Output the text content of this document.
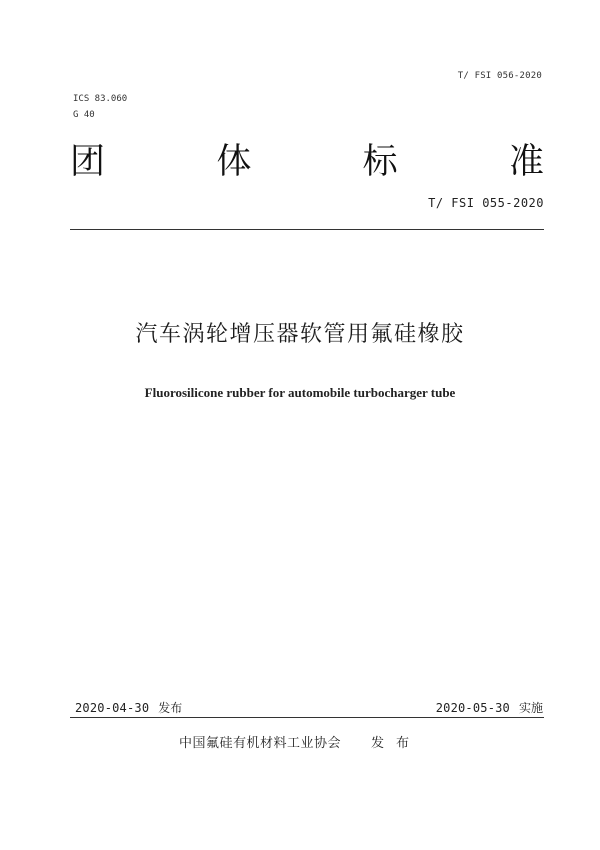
T/ FSI 056-2020
ICS 83.060
G 40
团	体	标	准
T/ FSI 055-2020
汽车涡轮增压器软管用氟硅橡胶
Fluorosilicone rubber for automobile turbocharger tube
2020-04-30 发布	2020-05-30 实施
中国氟硅有机材料工业协会 发布
